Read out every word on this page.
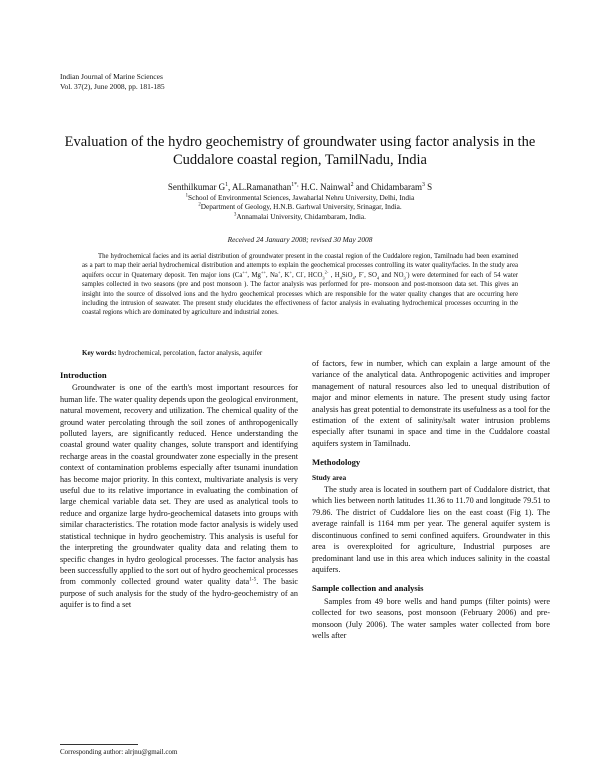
Indian Journal of Marine Sciences
Vol. 37(2), June 2008, pp. 181-185
Evaluation of the hydro geochemistry of groundwater using factor analysis in the Cuddalore coastal region, TamilNadu, India
Senthilkumar $G^1$, AL.Ramanathan$^{1*,}$ H.C. Nainwal$^2$ and Chidambaram$^3$ S
$^1$School of Environmental Sciences, Jawaharlal Nehru University, Delhi, India
$^2$Department of Geology, H.N.B. Garhwal University, Srinagar, India.
$^3$Annamalai University, Chidambaram, India.
Received 24 January 2008; revised 30 May 2008
The hydrochemical facies and its aerial distribution of groundwater present in the coastal region of the Cuddalore region, Tamilnadu had been examined as a part to map their aerial hydrochemical distribution and attempts to explain the geochemical processes controlling its water quality/facies. In the study area aquifers occur in Quaternary deposit. Ten major ions (Ca++, Mg++, Na+, K+, Cl-, $HCO_3^{2-}$ , $H_4SiO_4$, F-, $SO_4$ and $NO_3^-$) were determined for each of 54 water samples collected in two seasons (pre and post monsoon ). The factor analysis was performed for pre- monsoon and post-monsoon data set. This gives an insight into the source of dissolved ions and the hydro geochemical processes which are responsible for the water quality changes that are occurring here including the intrusion of seawater. The present study elucidates the effectiveness of factor analysis in evaluating hydrochemical processes occurring in the coastal regions which are dominated by agriculture and industrial zones.
Key words: hydrochemical, percolation, factor analysis, aquifer
Introduction

Groundwater is one of the earth's most important resources for human life. The water quality depends upon the geological environment, natural movement, recovery and utilization. The chemical quality of the ground water percolating through the soil zones of anthropogenically polluted layers, are significantly reduced. Hence understanding the coastal ground water quality changes, solute transport and identifying recharge areas in the coastal groundwater zone especially in the present context of contamination problems especially after tsunami inundation has become major priority. In this context, multivariate analysis is very useful due to its relative importance in evaluating the combination of large chemical variable data set. They are used as analytical tools to reduce and organize large hydro-geochemical datasets into groups with similar characteristics. The rotation mode factor analysis is widely used statistical technique in hydro geochemistry. This analysis is useful for the interpreting the groundwater quality data and relating them to specific changes in hydro geological processes. The factor analysis has been successfully applied to the sort out of hydro geochemical processes from commonly collected ground water quality data$^{1-5}$. The basic purpose of such analysis for the study of the hydro-geochemistry of an aquifer is to find a set

of factors, few in number, which can explain a large amount of the variance of the analytical data. Anthropogenic activities and improper management of natural resources also led to unequal distribution of major and minor elements in nature. The present study using factor analysis has great potential to demonstrate its usefulness as a tool for the estimation of the extent of salinity/salt water intrusion problems especially after tsunami in space and time in the Cuddalore coastal aquifers system in Tamilnadu.

Methodology
Study area

The study area is located in southern part of Cuddalore district, that which lies between north latitudes 11.36 to 11.70 and longitude 79.51 to 79.86. The district of Cuddalore lies on the east coast (Fig 1). The average rainfall is 1164 mm per year. The general aquifer system is discontinuous confined to semi confined aquifers. Groundwater in this area is overexploited for agriculture, Industrial purposes are predominant land use in this area which induces salinity in the coastal aquifers.

Sample collection and analysis

Samples from 49 bore wells and hand pumps (filter points) were collected for two seasons, post monsoon (February 2006) and pre-monsoon (July 2006). The water samples water collected from bore wells after

Corresponding author: alrjnu@gmail.com
